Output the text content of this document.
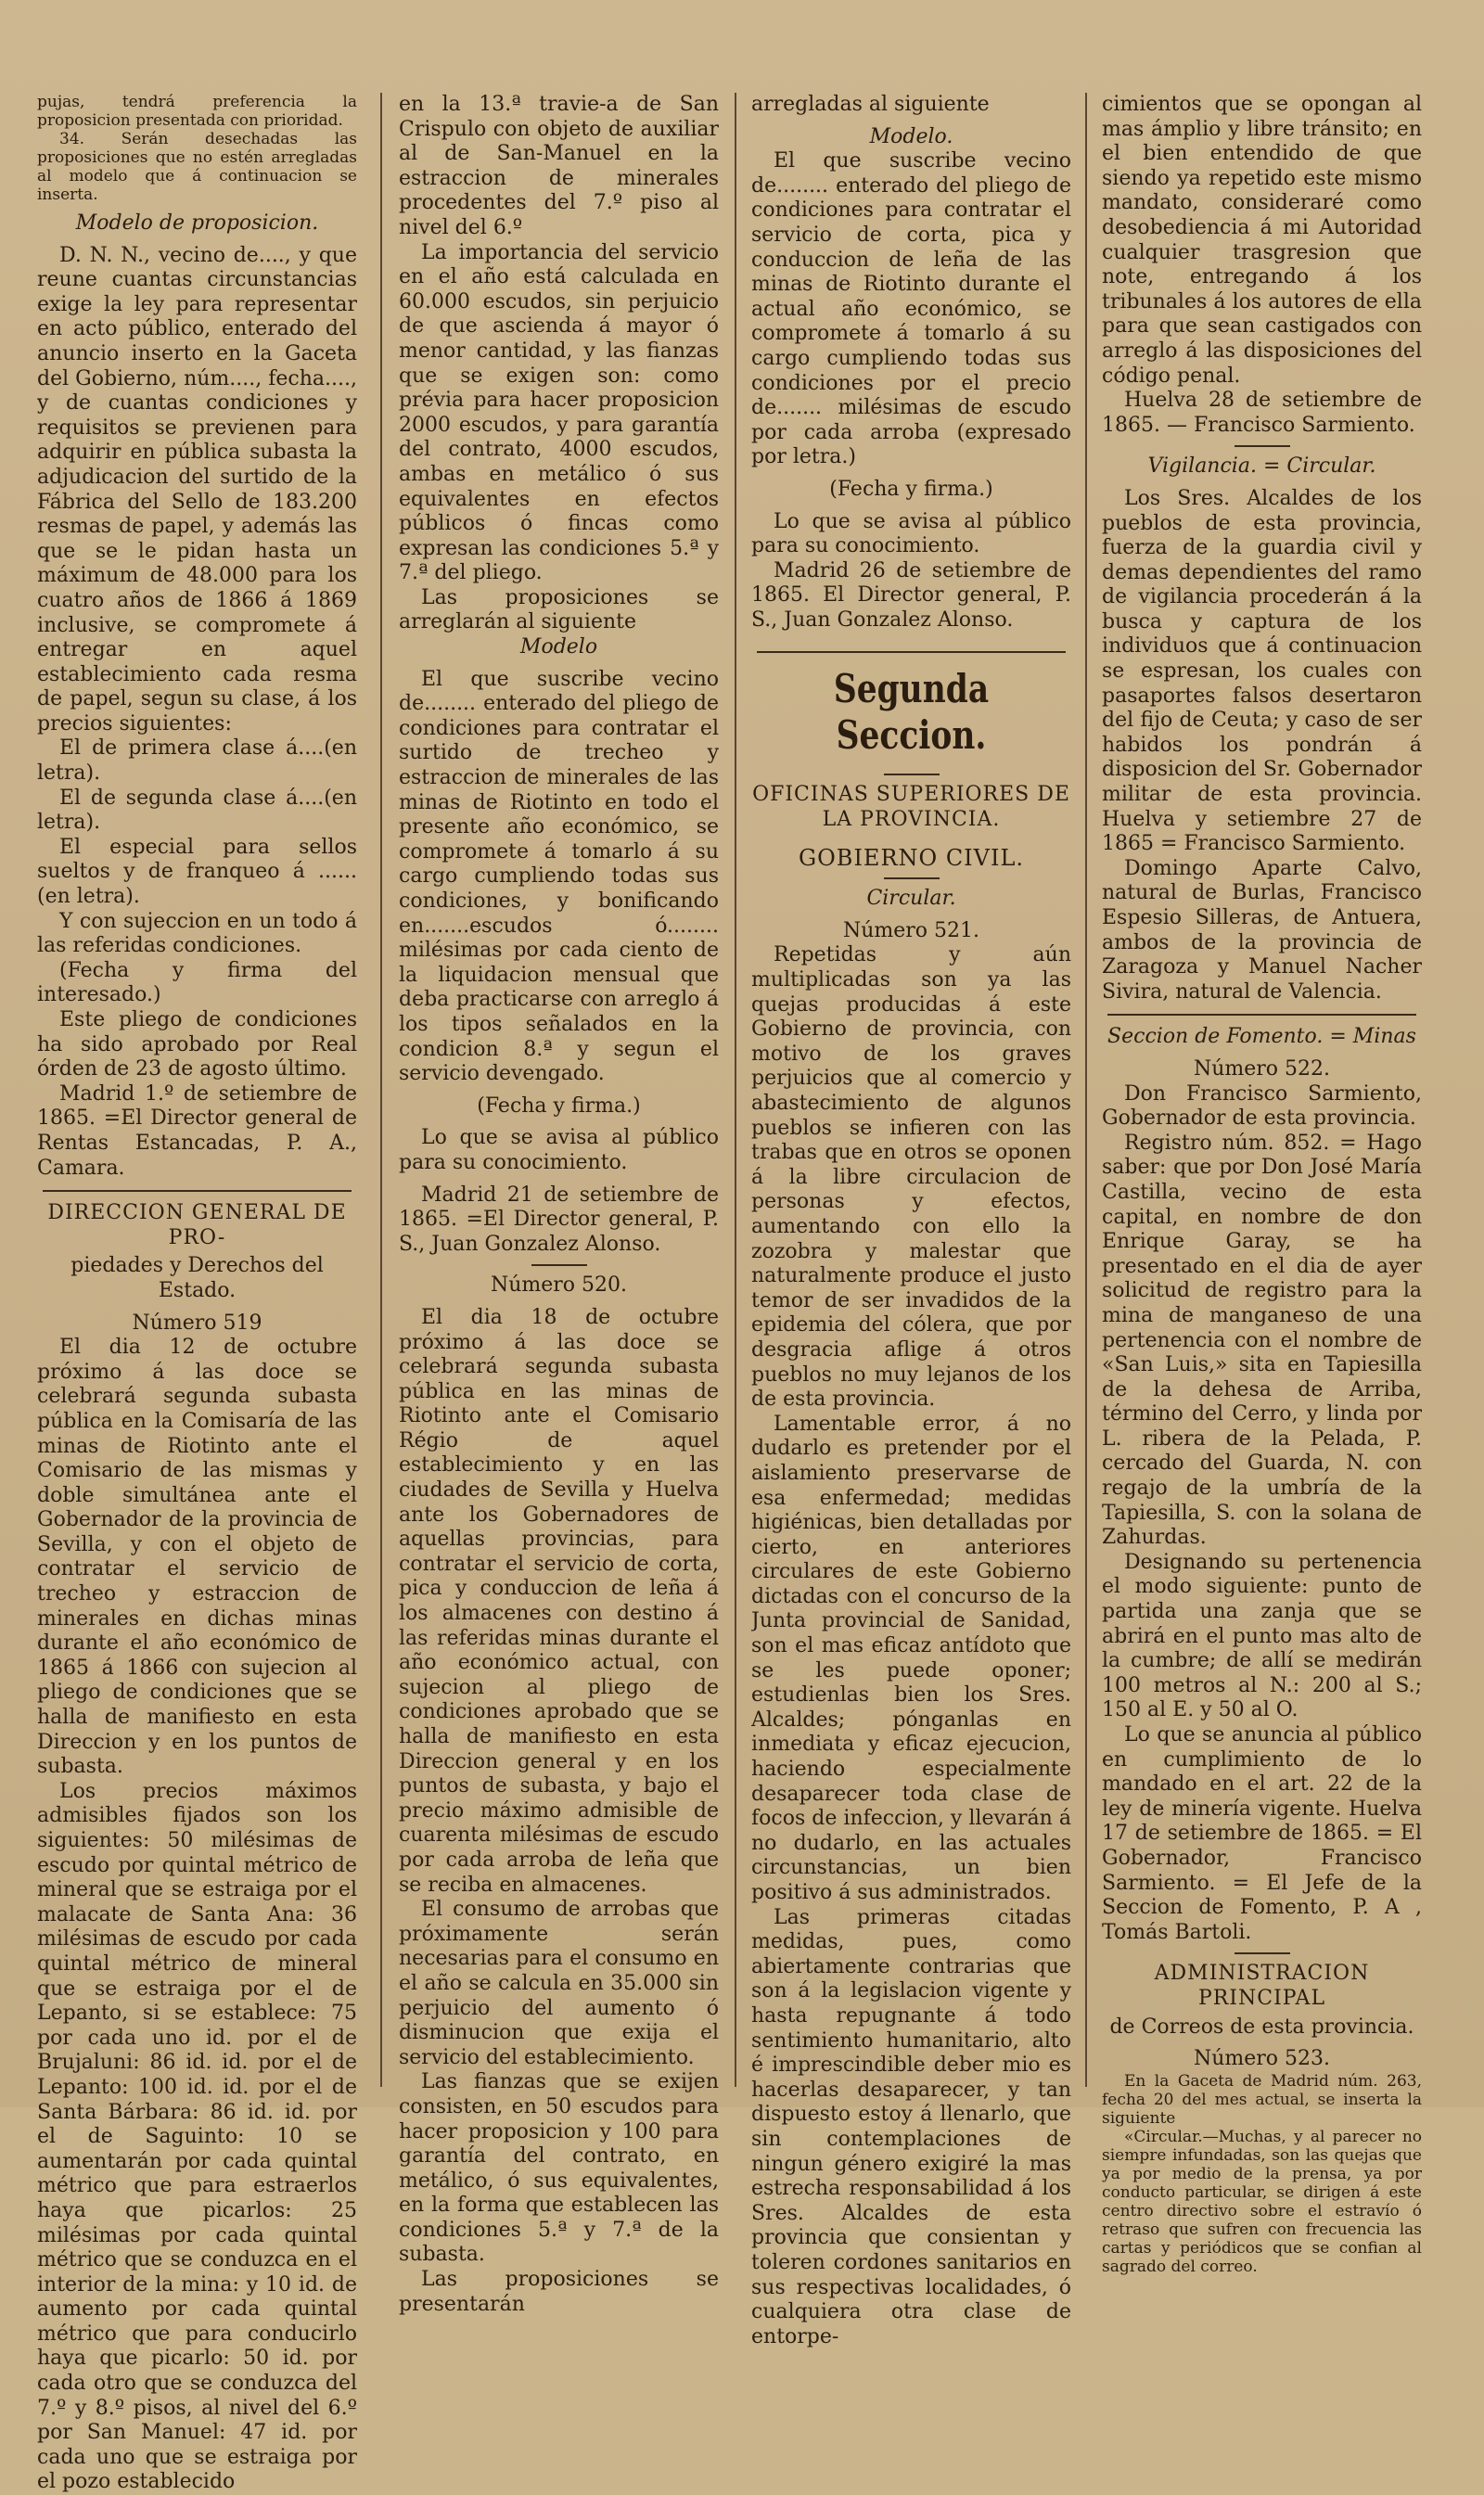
pujas, tendrá preferencia la proposicion presentada con prioridad.

34. Serán desechadas las proposiciones que no estén arregladas al modelo que á continuacion se inserta.

Modelo de proposicion.

D. N. N., vecino de...., y que reune cuantas circunstancias exige la ley para representar en acto público, enterado del anuncio inserto en la Gaceta del Gobierno, núm...., fecha...., y de cuantas condiciones y requisitos se previenen para adquirir en pública subasta la adjudicacion del surtido de la Fábrica del Sello de 183.200 resmas de papel, y además las que se le pidan hasta un máximum de 48.000 para los cuatro años de 1866 á 1869 inclusive, se compromete á entregar en aquel establecimiento cada resma de papel, segun su clase, á los precios siguientes:

El de primera clase á....(en letra).

El de segunda clase á....(en letra).

El especial para sellos sueltos y de franqueo á ...... (en letra).

Y con sujeccion en un todo á las referidas condiciones.

(Fecha y firma del interesado.)

Este pliego de condiciones ha sido aprobado por Real órden de 23 de agosto último.

Madrid 1.º de setiembre de 1865. =El Director general de Rentas Estancadas, P. A., Camara.

DIRECCION GENERAL DE PRO-

piedades y Derechos del Estado.

Número 519

El dia 12 de octubre próximo á las doce se celebrará segunda subasta pública en la Comisaría de las minas de Riotinto ante el Comisario de las mismas y doble simultánea ante el Gobernador de la provincia de Sevilla, y con el objeto de contratar el servicio de trecheo y estraccion de minerales en dichas minas durante el año económico de 1865 á 1866 con sujecion al pliego de condiciones que se halla de manifiesto en esta Direccion y en los puntos de subasta.

Los precios máximos admisibles fijados son los siguientes: 50 milésimas de escudo por quintal métrico de mineral que se estraiga por el malacate de Santa Ana: 36 milésimas de escudo por cada quintal métrico de mineral que se estraiga por el de Lepanto, si se establece: 75 por cada uno id. por el de Brujaluni: 86 id. id. por el de Lepanto: 100 id. id. por el de Santa Bárbara: 86 id. id. por el de Saguinto: 10 se aumentarán por cada quintal métrico que para estraerlos haya que picarlos: 25 milésimas por cada quintal métrico que se conduzca en el interior de la mina: y 10 id. de aumento por cada quintal métrico que para conducirlo haya que picarlo: 50 id. por cada otro que se conduzca del 7.º y 8.º pisos, al nivel del 6.º por San Manuel: 47 id. por cada uno que se estraiga por el pozo establecido

en la 13.ª travie-a de San Crispulo con objeto de auxiliar al de San-Manuel en la estraccion de minerales procedentes del 7.º piso al nivel del 6.º

La importancia del servicio en el año está calculada en 60.000 escudos, sin perjuicio de que ascienda á mayor ó menor cantidad, y las fianzas que se exigen son: como prévia para hacer proposicion 2000 escudos, y para garantía del contrato, 4000 escudos, ambas en metálico ó sus equivalentes en efectos públicos ó fincas como expresan las condiciones 5.ª y 7.ª del pliego.

Las proposiciones se arreglarán al siguiente

Modelo

El que suscribe vecino de........ enterado del pliego de condiciones para contratar el surtido de trecheo y estraccion de minerales de las minas de Riotinto en todo el presente año económico, se compromete á tomarlo á su cargo cumpliendo todas sus condiciones, y bonificando en.......escudos ó........ milésimas por cada ciento de la liquidacion mensual que deba practicarse con arreglo á los tipos señalados en la condicion 8.ª y segun el servicio devengado.

(Fecha y firma.)

Lo que se avisa al público para su conocimiento.

Madrid 21 de setiembre de 1865. =El Director general, P. S., Juan Gonzalez Alonso.

Número 520.

El dia 18 de octubre próximo á las doce se celebrará segunda subasta pública en las minas de Riotinto ante el Comisario Régio de aquel establecimiento y en las ciudades de Sevilla y Huelva ante los Gobernadores de aquellas provincias, para contratar el servicio de corta, pica y conduccion de leña á los almacenes con destino á las referidas minas durante el año económico actual, con sujecion al pliego de condiciones aprobado que se halla de manifiesto en esta Direccion general y en los puntos de subasta, y bajo el precio máximo admisible de cuarenta milésimas de escudo por cada arroba de leña que se reciba en almacenes.

El consumo de arrobas que próximamente serán necesarias para el consumo en el año se calcula en 35.000 sin perjuicio del aumento ó disminucion que exija el servicio del establecimiento.

Las fianzas que se exijen consisten, en 50 escudos para hacer proposicion y 100 para garantía del contrato, en metálico, ó sus equivalentes, en la forma que establecen las condiciones 5.ª y 7.ª de la subasta.

Las proposiciones se presentarán

arregladas al siguiente

Modelo.

El que suscribe vecino de........ enterado del pliego de condiciones para contratar el servicio de corta, pica y conduccion de leña de las minas de Riotinto durante el actual año económico, se compromete á tomarlo á su cargo cumpliendo todas sus condiciones por el precio de....... milésimas de escudo por cada arroba (expresado por letra.)

(Fecha y firma.)

Lo que se avisa al público para su conocimiento.

Madrid 26 de setiembre de 1865. El Director general, P. S., Juan Gonzalez Alonso.

Segunda Seccion.

OFICINAS SUPERIORES DE LA PROVINCIA.

GOBIERNO CIVIL.

Circular.

Número 521.

Repetidas y aún multiplicadas son ya las quejas producidas á este Gobierno de provincia, con motivo de los graves perjuicios que al comercio y abastecimiento de algunos pueblos se infieren con las trabas que en otros se oponen á la libre circulacion de personas y efectos, aumentando con ello la zozobra y malestar que naturalmente produce el justo temor de ser invadidos de la epidemia del cólera, que por desgracia aflige á otros pueblos no muy lejanos de los de esta provincia.

Lamentable error, á no dudarlo es pretender por el aislamiento preservarse de esa enfermedad; medidas higiénicas, bien detalladas por cierto, en anteriores circulares de este Gobierno dictadas con el concurso de la Junta provincial de Sanidad, son el mas eficaz antídoto que se les puede oponer; estudienlas bien los Sres. Alcaldes; pónganlas en inmediata y eficaz ejecucion, haciendo especialmente desaparecer toda clase de focos de infeccion, y llevarán á no dudarlo, en las actuales circunstancias, un bien positivo á sus administrados.

Las primeras citadas medidas, pues, como abiertamente contrarias que son á la legislacion vigente y hasta repugnante á todo sentimiento humanitario, alto é imprescindible deber mio es hacerlas desaparecer, y tan dispuesto estoy á llenarlo, que sin contemplaciones de ningun género exigiré la mas estrecha responsabilidad á los Sres. Alcaldes de esta provincia que consientan y toleren cordones sanitarios en sus respectivas localidades, ó cualquiera otra clase de entorpe-

cimientos que se opongan al mas ámplio y libre tránsito; en el bien entendido de que siendo ya repetido este mismo mandato, consideraré como desobediencia á mi Autoridad cualquier trasgresion que note, entregando á los tribunales á los autores de ella para que sean castigados con arreglo á las disposiciones del código penal.

Huelva 28 de setiembre de 1865. — Francisco Sarmiento.

Vigilancia. = Circular.

Los Sres. Alcaldes de los pueblos de esta provincia, fuerza de la guardia civil y demas dependientes del ramo de vigilancia procederán á la busca y captura de los individuos que á continuacion se espresan, los cuales con pasaportes falsos desertaron del fijo de Ceuta; y caso de ser habidos los pondrán á disposicion del Sr. Gobernador militar de esta provincia. Huelva y setiembre 27 de 1865 = Francisco Sarmiento.

Domingo Aparte Calvo, natural de Burlas, Francisco Espesio Silleras, de Antuera, ambos de la provincia de Zaragoza y Manuel Nacher Sivira, natural de Valencia.

Seccion de Fomento. = Minas

Número 522.

Don Francisco Sarmiento, Gobernador de esta provincia.

Registro núm. 852. = Hago saber: que por Don José María Castilla, vecino de esta capital, en nombre de don Enrique Garay, se ha presentado en el dia de ayer solicitud de registro para la mina de manganeso de una pertenencia con el nombre de «San Luis,» sita en Tapiesilla de la dehesa de Arriba, término del Cerro, y linda por L. ribera de la Pelada, P. cercado del Guarda, N. con regajo de la umbría de la Tapiesilla, S. con la solana de Zahurdas.

Designando su pertenencia el modo siguiente: punto de partida una zanja que se abrirá en el punto mas alto de la cumbre; de allí se medirán 100 metros al N.: 200 al S.; 150 al E. y 50 al O.

Lo que se anuncia al público en cumplimiento de lo mandado en el art. 22 de la ley de minería vigente. Huelva 17 de setiembre de 1865. = El Gobernador, Francisco Sarmiento. = El Jefe de la Seccion de Fomento, P. A , Tomás Bartoli.

ADMINISTRACION PRINCIPAL

de Correos de esta provincia.

Número 523.

En la Gaceta de Madrid núm. 263, fecha 20 del mes actual, se inserta la siguiente

«Circular.—Muchas, y al parecer no siempre infundadas, son las quejas que ya por medio de la prensa, ya por conducto particular, se dirigen á este centro directivo sobre el estravío ó retraso que sufren con frecuencia las cartas y periódicos que se confian al sagrado del correo.
